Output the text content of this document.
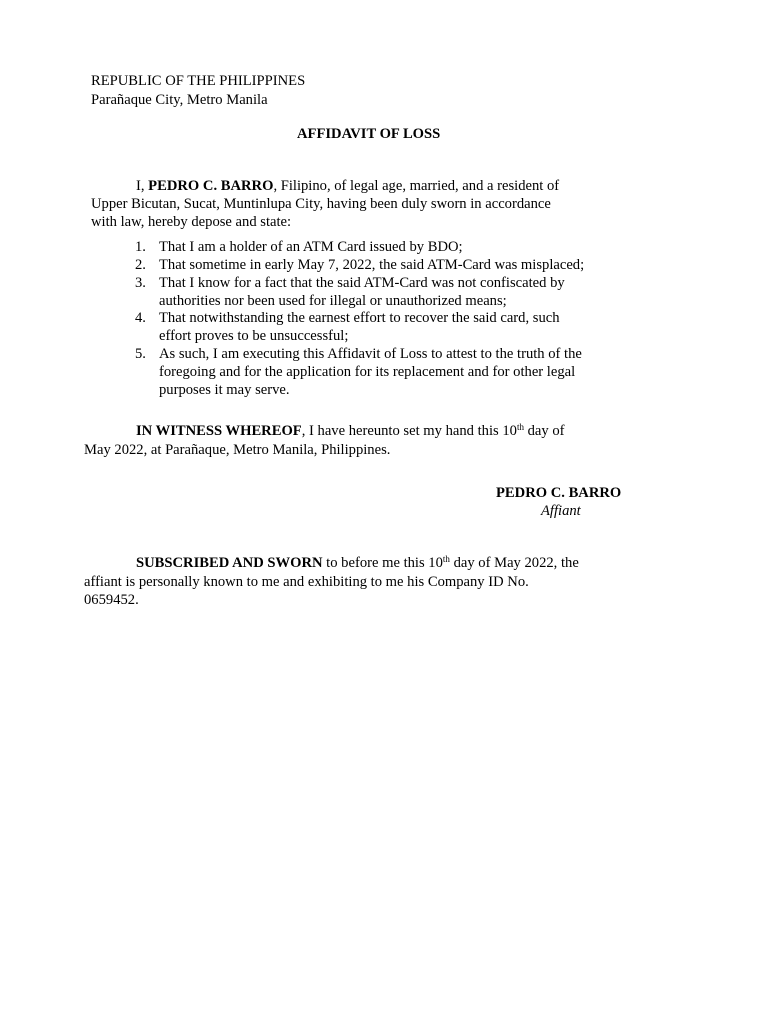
REPUBLIC OF THE PHILIPPINES
Parañaque City, Metro Manila
AFFIDAVIT OF LOSS
I, PEDRO C. BARRO, Filipino, of legal age, married, and a resident of
Upper Bicutan, Sucat, Muntinlupa City, having been duly sworn in accordance
with law, hereby depose and state:
1. That I am a holder of an ATM Card issued by BDO;
2. That sometime in early May 7, 2022, the said ATM-Card was misplaced;
3. That I know for a fact that the said ATM-Card was not confiscated by
authorities nor been used for illegal or unauthorized means;
4. That notwithstanding the earnest effort to recover the said card, such
effort proves to be unsuccessful;
5. As such, I am executing this Affidavit of Loss to attest to the truth of the
foregoing and for the application for its replacement and for other legal
purposes it may serve.
IN WITNESS WHEREOF, I have hereunto set my hand this 10th day of
May 2022, at Parañaque, Metro Manila, Philippines.
PEDRO C. BARRO
Affiant
SUBSCRIBED AND SWORN to before me this 10th day of May 2022, the
affiant is personally known to me and exhibiting to me his Company ID No.
0659452.
